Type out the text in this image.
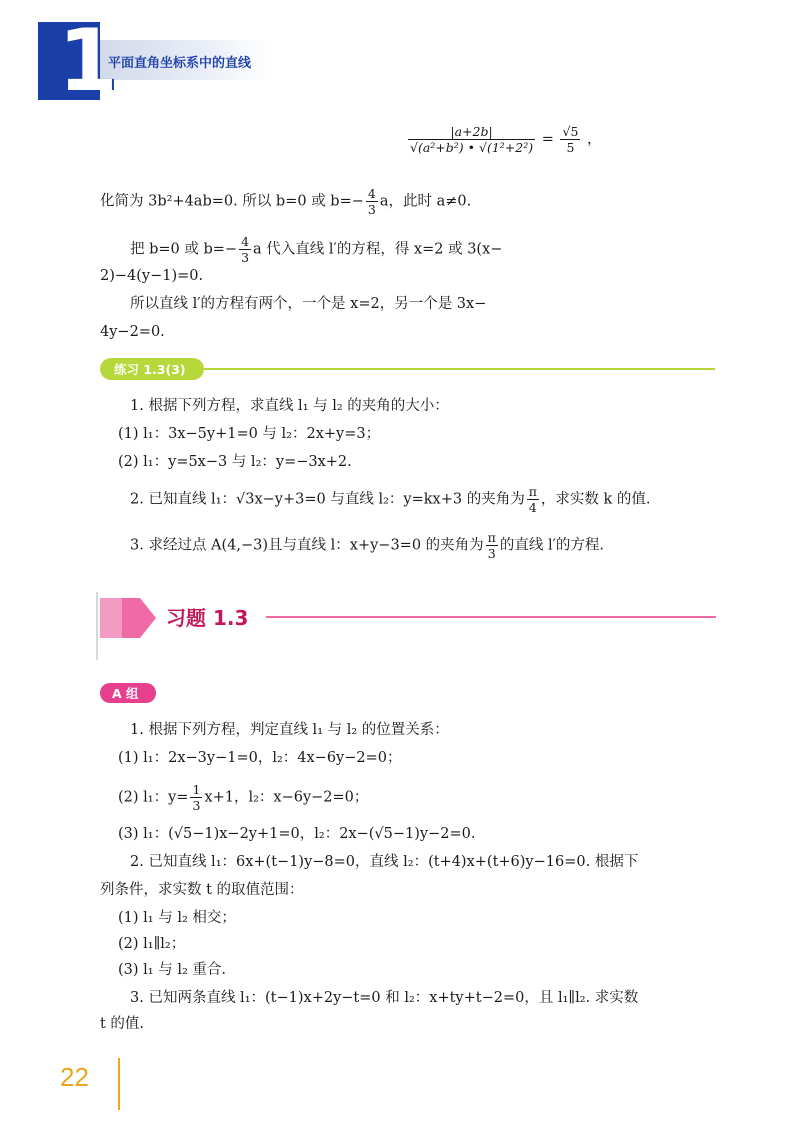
1
平面直角坐标系中的直线
$\frac{|a+2b|}{\text{√(a²+b²) • √(1²+2²)}} = \frac{√5}{5}$ ，
化简为 3b²+4ab=0. 所以 b=0 或 $b=- \frac{4}{3}$ a，此时 a≠0.
把 b=0 或 $b=- \frac{4}{3}$ a 代入直线 l′的方程，得 x=2 或 3(x−
2)−4(y−1)=0.
所以直线 l′的方程有两个，一个是 x=2，另一个是 3x−
4y−2=0.
练习 1.3(3)
1. 根据下列方程，求直线 l₁ 与 l₂ 的夹角的大小：
(1) l₁：3x−5y+1=0 与 l₂：2x+y=3；
(2) l₁：y=5x−3 与 l₂：y=−3x+2.
2. 已知直线 l₁：√3x−y+3=0 与直线 l₂：y=kx+3 的夹角为 $\frac{\pi}{4}$ ，求实数 k 的值.
3. 求经过点 A(4,−3)且与直线 l：x+y−3=0 的夹角为 $\frac{\pi}{3}$ 的直线 l′的方程.
习题 1.3
A 组
1. 根据下列方程，判定直线 l₁ 与 l₂ 的位置关系：
(1) l₁：2x−3y−1=0，l₂：4x−6y−2=0；
(2) l₁：$y= \frac{1}{3} x+1$，l₂：x−6y−2=0；
(3) l₁：(√5−1)x−2y+1=0，l₂：2x−(√5−1)y−2=0.
2. 已知直线 l₁：6x+(t−1)y−8=0，直线 l₂：(t+4)x+(t+6)y−16=0. 根据下
列条件，求实数 t 的取值范围：
(1) l₁ 与 l₂ 相交；
(2) l₁∥l₂；
(3) l₁ 与 l₂ 重合.
3. 已知两条直线 l₁：(t−1)x+2y−t=0 和 l₂：x+ty+t−2=0，且 l₁∥l₂. 求实数
t 的值.
22
